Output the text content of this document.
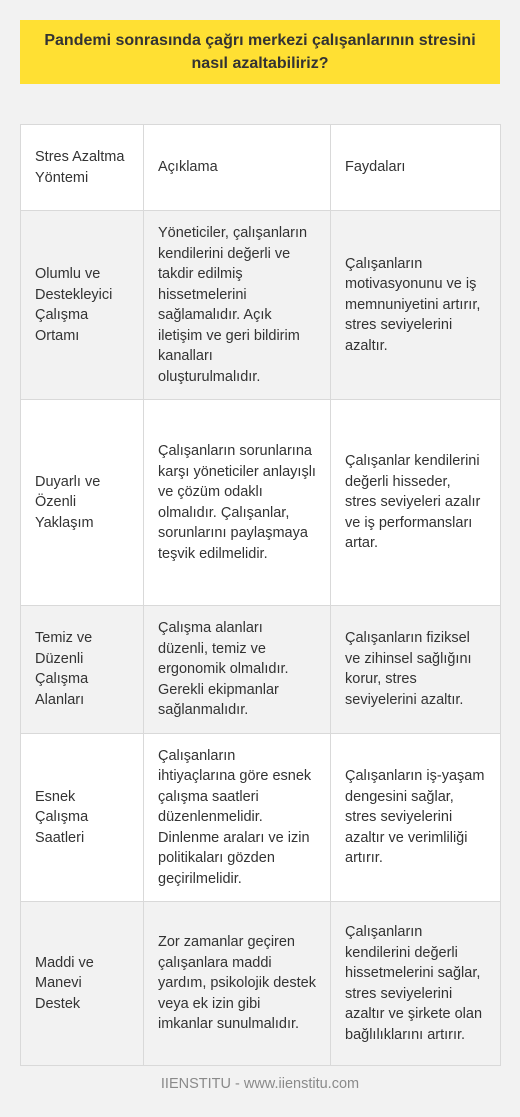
Pandemi sonrasında çağrı merkezi çalışanlarının stresini nasıl azaltabiliriz?
Stres Azaltma Yöntemi	Açıklama	Faydaları
Olumlu ve Destekleyici Çalışma Ortamı	Yöneticiler, çalışanların kendilerini değerli ve takdir edilmiş hissetmelerini sağlamalıdır. Açık iletişim ve geri bildirim kanalları oluşturulmalıdır.	Çalışanların motivasyonunu ve iş memnuniyetini artırır, stres seviyelerini azaltır.
Duyarlı ve Özenli Yaklaşım	Çalışanların sorunlarına karşı yöneticiler anlayışlı ve çözüm odaklı olmalıdır. Çalışanlar, sorunlarını paylaşmaya teşvik edilmelidir.	Çalışanlar kendilerini değerli hisseder, stres seviyeleri azalır ve iş performansları artar.
Temiz ve Düzenli Çalışma Alanları	Çalışma alanları düzenli, temiz ve ergonomik olmalıdır. Gerekli ekipmanlar sağlanmalıdır.	Çalışanların fiziksel ve zihinsel sağlığını korur, stres seviyelerini azaltır.
Esnek Çalışma Saatleri	Çalışanların ihtiyaçlarına göre esnek çalışma saatleri düzenlenmelidir. Dinlenme araları ve izin politikaları gözden geçirilmelidir.	Çalışanların iş-yaşam dengesini sağlar, stres seviyelerini azaltır ve verimliliği artırır.
Maddi ve Manevi Destek	Zor zamanlar geçiren çalışanlara maddi yardım, psikolojik destek veya ek izin gibi imkanlar sunulmalıdır.	Çalışanların kendilerini değerli hissetmelerini sağlar, stres seviyelerini azaltır ve şirkete olan bağlılıklarını artırır.
IIENSTITU - www.iienstitu.com
